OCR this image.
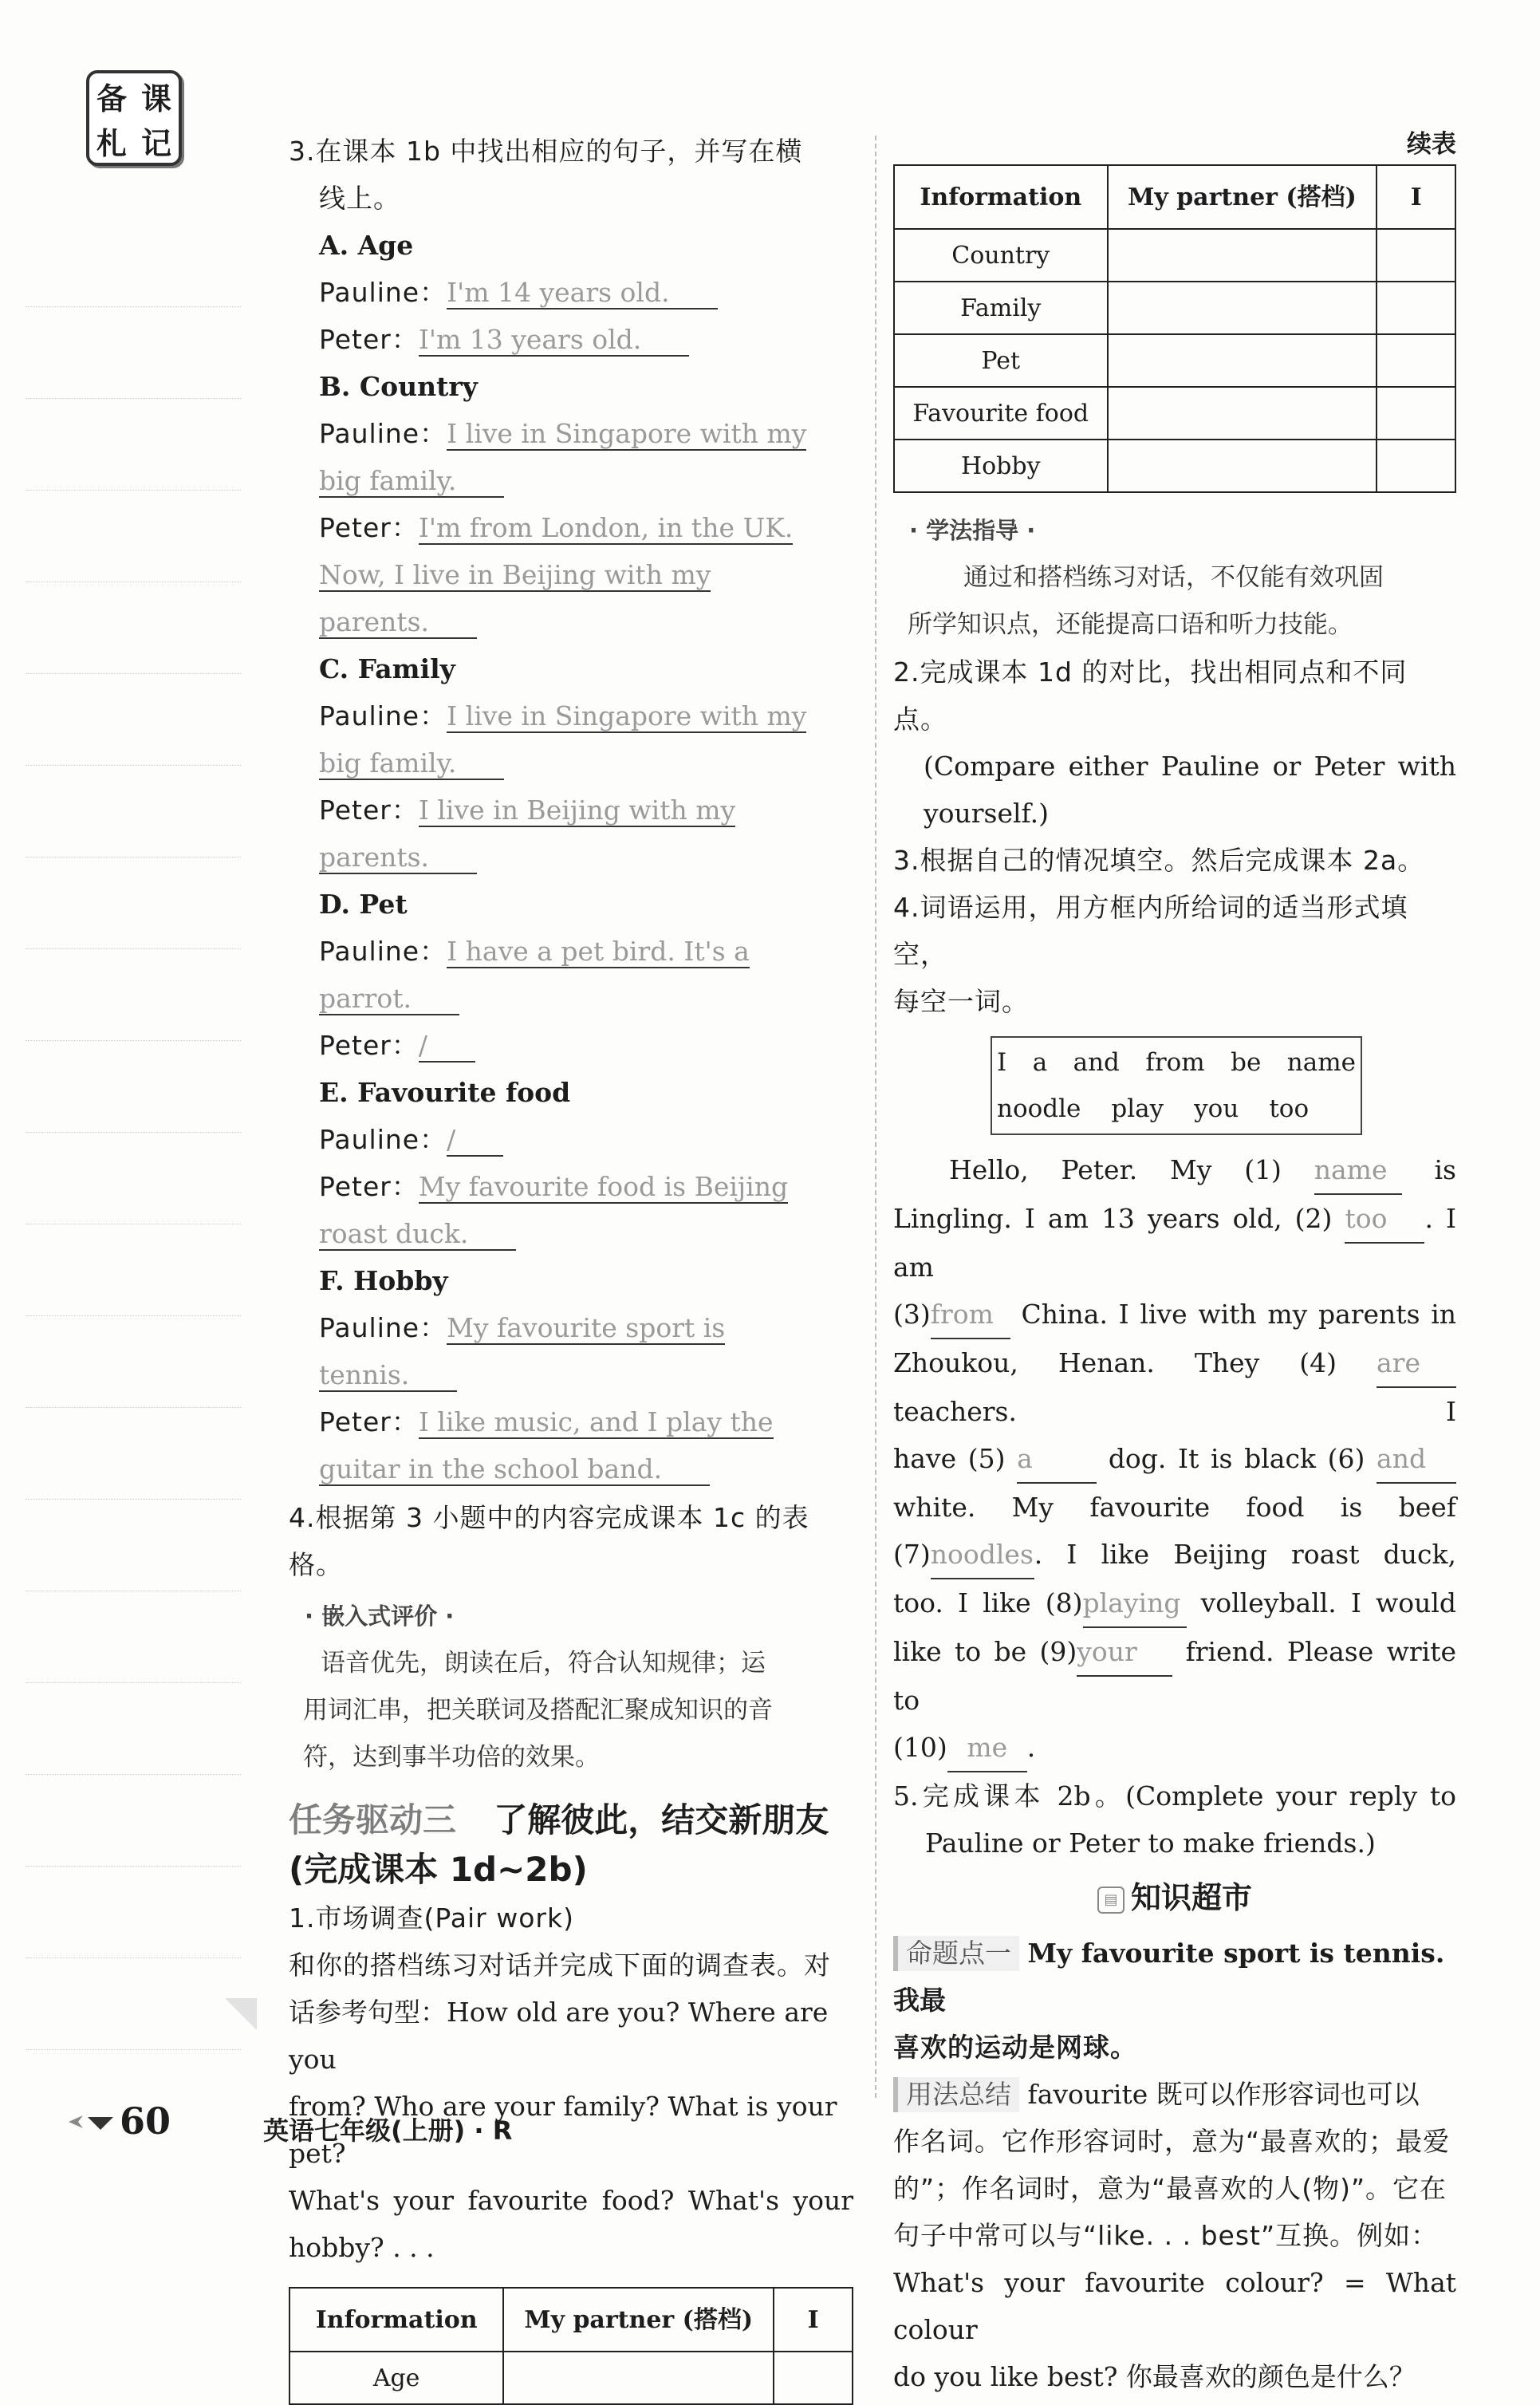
备 课
札 记	3.在课本 1b 中找出相应的句子，并写在横
线上。
A. Age
Pauline：I'm 14 years old.
Peter：I'm 13 years old.
B. Country
Pauline：I live in Singapore with my big family.
Peter：I'm from London, in the UK. Now, I live in Beijing with my parents.
C. Family
Pauline：I live in Singapore with my big family.
Peter：I live in Beijing with my parents.
D. Pet
Pauline：I have a pet bird. It's a parrot.
Peter：/
E. Favourite food
Pauline：/
Peter：My favourite food is Beijing roast duck.
F. Hobby
Pauline：My favourite sport is tennis.
Peter：I like music, and I play the guitar in the school band.
4.根据第 3 小题中的内容完成课本 1c 的表格。
· 嵌入式评价 ·
语音优先，朗读在后，符合认知规律；运
用词汇串，把关联词及搭配汇聚成知识的音
符，达到事半功倍的效果。
任务驱动三 了解彼此，结交新朋友
(完成课本 1d~2b)
1.市场调查(Pair work)
和你的搭档练习对话并完成下面的调查表。对
话参考句型：How old are you? Where are you
from? Who are your family? What is your pet?
What's your favourite food? What's your
hobby? . . .
Information	My partner (搭档)	I
Age		
续表
Information	My partner (搭档)	I
Country		
Family		
Pet		
Favourite food		
Hobby		
· 学法指导 ·
通过和搭档练习对话，不仅能有效巩固
所学知识点，还能提高口语和听力技能。
2.完成课本 1d 的对比，找出相同点和不同点。
(Compare either Pauline or Peter with
yourself.)
3.根据自己的情况填空。然后完成课本 2a。
4.词语运用，用方框内所给词的适当形式填空，
每空一词。
I a and from be name
noodle play you too
Hello, Peter. My (1) name is
Lingling. I am 13 years old, (2) too . I am
(3)from China. I live with my parents in
Zhoukou, Henan. They (4) are teachers. I
have (5) a	dog. It is black (6) and
white. My favourite food is beef
(7)noodles. I like Beijing roast duck,
too. I like (8)playing volleyball. I would
like to be (9)your friend. Please write to
(10) me .
5.完成课本 2b。(Complete your reply to
Pauline or Peter to make friends.)
▤ 知识超市
命题点一 My favourite sport is tennis. 我最
喜欢的运动是网球。
用法总结 favourite 既可以作形容词也可以
作名词。它作形容词时，意为“最喜欢的；最爱
的”；作名词时，意为“最喜欢的人(物)”。它在
句子中常可以与“like. . . best”互换。例如：
What's your favourite colour? = What colour
do you like best? 你最喜欢的颜色是什么？
60	英语七年级(上册) · R
